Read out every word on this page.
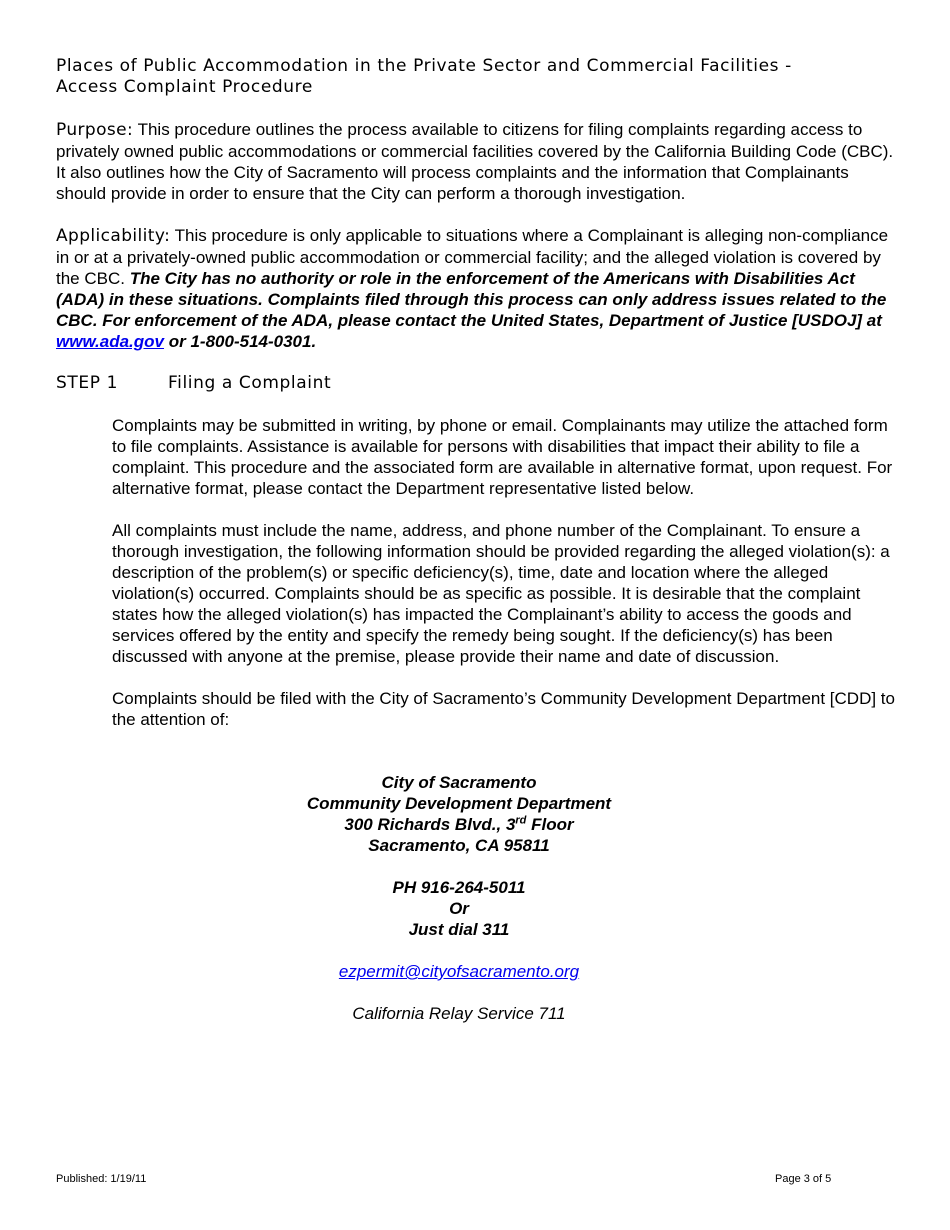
Places of Public Accommodation in the Private Sector and Commercial Facilities -
Access Complaint Procedure

Purpose: This procedure outlines the process available to citizens for filing complaints regarding access to privately owned public accommodations or commercial facilities covered by the California Building Code (CBC). It also outlines how the City of Sacramento will process complaints and the information that Complainants should provide in order to ensure that the City can perform a thorough investigation.

Applicability: This procedure is only applicable to situations where a Complainant is alleging non-compliance in or at a privately-owned public accommodation or commercial facility; and the alleged violation is covered by the CBC. The City has no authority or role in the enforcement of the Americans with Disabilities Act (ADA) in these situations. Complaints filed through this process can only address issues related to the CBC. For enforcement of the ADA, please contact the United States, Department of Justice [USDOJ] at www.ada.gov or 1-800-514-0301.

STEP 1	Filing a Complaint

Complaints may be submitted in writing, by phone or email. Complainants may utilize the attached form to file complaints. Assistance is available for persons with disabilities that impact their ability to file a complaint. This procedure and the associated form are available in alternative format, upon request. For alternative format, please contact the Department representative listed below.

All complaints must include the name, address, and phone number of the Complainant. To ensure a thorough investigation, the following information should be provided regarding the alleged violation(s): a description of the problem(s) or specific deficiency(s), time, date and location where the alleged violation(s) occurred. Complaints should be as specific as possible. It is desirable that the complaint states how the alleged violation(s) has impacted the Complainant’s ability to access the goods and services offered by the entity and specify the remedy being sought. If the deficiency(s) has been discussed with anyone at the premise, please provide their name and date of discussion.

Complaints should be filed with the City of Sacramento’s Community Development Department [CDD] to the attention of:

City of Sacramento
Community Development Department
300 Richards Blvd., 3rd Floor
Sacramento, CA 95811
PH 916-264-5011
Or
Just dial 311

ezpermit@cityofsacramento.org

California Relay Service 711

Published: 1/19/11	Page 3 of 5
